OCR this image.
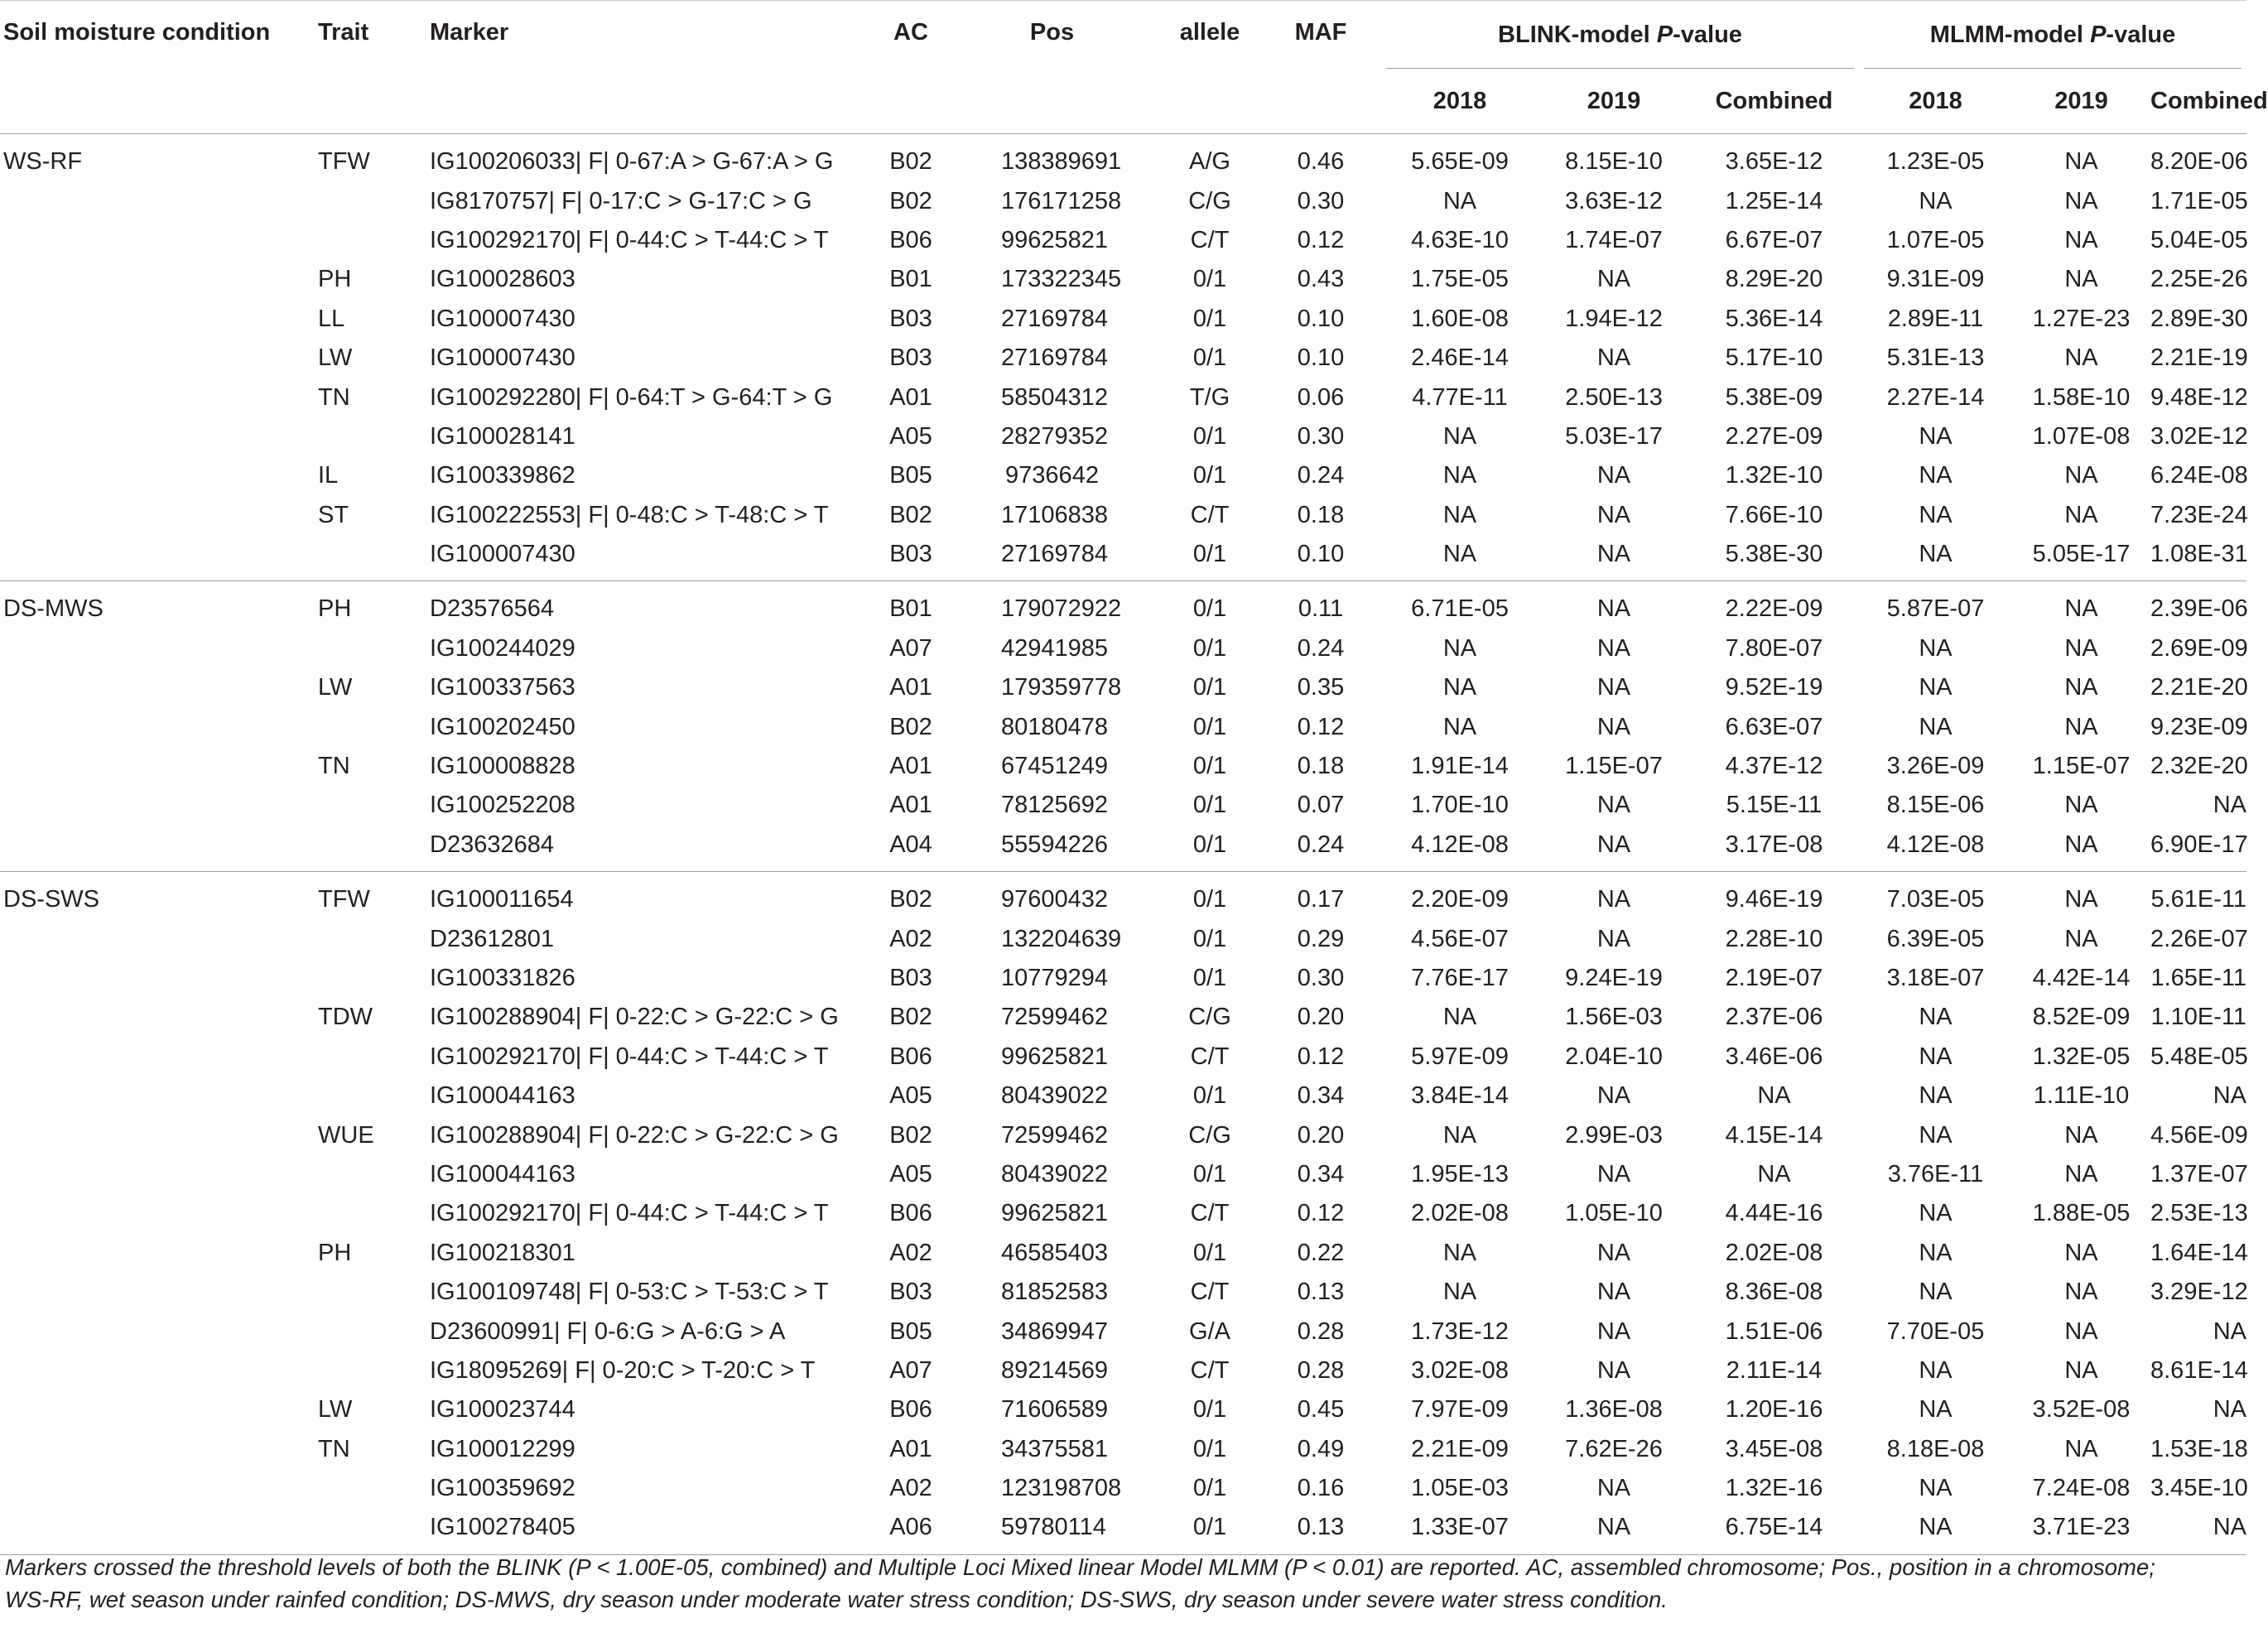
Soil moisture condition	Trait	Marker	AC	Pos	allele	MAF	BLINK-model P-value			MLMM-model P-value		
							2018	2019	Combined	2018	2019	Combined
WS-RF	TFW	IG100206033| F| 0-67:A > G-67:A > G	B02	138389691	A/G	0.46	5.65E-09	8.15E-10	3.65E-12	1.23E-05	NA	8.20E-06
		IG8170757| F| 0-17:C > G-17:C > G	B02	176171258	C/G	0.30	NA	3.63E-12	1.25E-14	NA	NA	1.71E-05
		IG100292170| F| 0-44:C > T-44:C > T	B06	99625821	C/T	0.12	4.63E-10	1.74E-07	6.67E-07	1.07E-05	NA	5.04E-05
	PH	IG100028603	B01	173322345	0/1	0.43	1.75E-05	NA	8.29E-20	9.31E-09	NA	2.25E-26
	LL	IG100007430	B03	27169784	0/1	0.10	1.60E-08	1.94E-12	5.36E-14	2.89E-11	1.27E-23	2.89E-30
	LW	IG100007430	B03	27169784	0/1	0.10	2.46E-14	NA	5.17E-10	5.31E-13	NA	2.21E-19
	TN	IG100292280| F| 0-64:T > G-64:T > G	A01	58504312	T/G	0.06	4.77E-11	2.50E-13	5.38E-09	2.27E-14	1.58E-10	9.48E-12
		IG100028141	A05	28279352	0/1	0.30	NA	5.03E-17	2.27E-09	NA	1.07E-08	3.02E-12
	IL	IG100339862	B05	9736642	0/1	0.24	NA	NA	1.32E-10	NA	NA	6.24E-08
	ST	IG100222553| F| 0-48:C > T-48:C > T	B02	17106838	C/T	0.18	NA	NA	7.66E-10	NA	NA	7.23E-24
		IG100007430	B03	27169784	0/1	0.10	NA	NA	5.38E-30	NA	5.05E-17	1.08E-31
DS-MWS	PH	D23576564	B01	179072922	0/1	0.11	6.71E-05	NA	2.22E-09	5.87E-07	NA	2.39E-06
		IG100244029	A07	42941985	0/1	0.24	NA	NA	7.80E-07	NA	NA	2.69E-09
	LW	IG100337563	A01	179359778	0/1	0.35	NA	NA	9.52E-19	NA	NA	2.21E-20
		IG100202450	B02	80180478	0/1	0.12	NA	NA	6.63E-07	NA	NA	9.23E-09
	TN	IG100008828	A01	67451249	0/1	0.18	1.91E-14	1.15E-07	4.37E-12	3.26E-09	1.15E-07	2.32E-20
		IG100252208	A01	78125692	0/1	0.07	1.70E-10	NA	5.15E-11	8.15E-06	NA	NA
		D23632684	A04	55594226	0/1	0.24	4.12E-08	NA	3.17E-08	4.12E-08	NA	6.90E-17
DS-SWS	TFW	IG100011654	B02	97600432	0/1	0.17	2.20E-09	NA	9.46E-19	7.03E-05	NA	5.61E-11
		D23612801	A02	132204639	0/1	0.29	4.56E-07	NA	2.28E-10	6.39E-05	NA	2.26E-07
		IG100331826	B03	10779294	0/1	0.30	7.76E-17	9.24E-19	2.19E-07	3.18E-07	4.42E-14	1.65E-11
	TDW	IG100288904| F| 0-22:C > G-22:C > G	B02	72599462	C/G	0.20	NA	1.56E-03	2.37E-06	NA	8.52E-09	1.10E-11
		IG100292170| F| 0-44:C > T-44:C > T	B06	99625821	C/T	0.12	5.97E-09	2.04E-10	3.46E-06	NA	1.32E-05	5.48E-05
		IG100044163	A05	80439022	0/1	0.34	3.84E-14	NA	NA	NA	1.11E-10	NA
	WUE	IG100288904| F| 0-22:C > G-22:C > G	B02	72599462	C/G	0.20	NA	2.99E-03	4.15E-14	NA	NA	4.56E-09
		IG100044163	A05	80439022	0/1	0.34	1.95E-13	NA	NA	3.76E-11	NA	1.37E-07
		IG100292170| F| 0-44:C > T-44:C > T	B06	99625821	C/T	0.12	2.02E-08	1.05E-10	4.44E-16	NA	1.88E-05	2.53E-13
	PH	IG100218301	A02	46585403	0/1	0.22	NA	NA	2.02E-08	NA	NA	1.64E-14
		IG100109748| F| 0-53:C > T-53:C > T	B03	81852583	C/T	0.13	NA	NA	8.36E-08	NA	NA	3.29E-12
		D23600991| F| 0-6:G > A-6:G > A	B05	34869947	G/A	0.28	1.73E-12	NA	1.51E-06	7.70E-05	NA	NA
		IG18095269| F| 0-20:C > T-20:C > T	A07	89214569	C/T	0.28	3.02E-08	NA	2.11E-14	NA	NA	8.61E-14
	LW	IG100023744	B06	71606589	0/1	0.45	7.97E-09	1.36E-08	1.20E-16	NA	3.52E-08	NA
	TN	IG100012299	A01	34375581	0/1	0.49	2.21E-09	7.62E-26	3.45E-08	8.18E-08	NA	1.53E-18
		IG100359692	A02	123198708	0/1	0.16	1.05E-03	NA	1.32E-16	NA	7.24E-08	3.45E-10
		IG100278405	A06	59780114	0/1	0.13	1.33E-07	NA	6.75E-14	NA	3.71E-23	NA
Markers crossed the threshold levels of both the BLINK (P < 1.00E-05, combined) and Multiple Loci Mixed linear Model MLMM (P < 0.01) are reported. AC, assembled chromosome; Pos., position in a chromosome;
WS-RF, wet season under rainfed condition; DS-MWS, dry season under moderate water stress condition; DS-SWS, dry season under severe water stress condition.
